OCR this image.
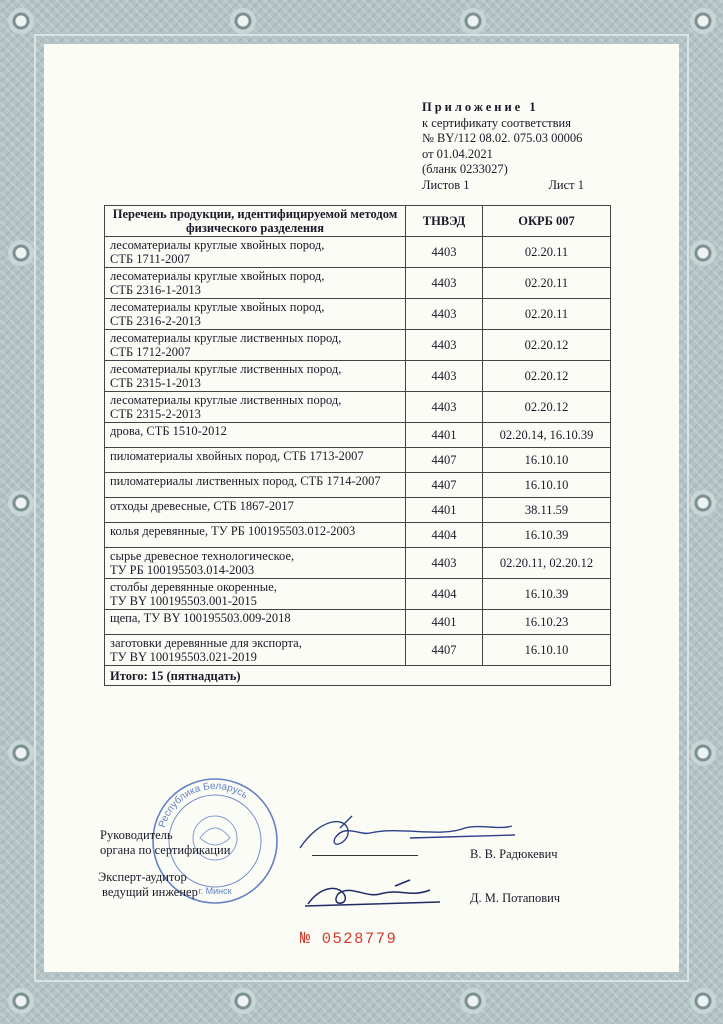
Приложение 1
к сертификату соответствия
№ BY/112 08.02. 075.03 00006
от 01.04.2021
(бланк 0233027)
Листов 1	Лист 1
Перечень продукции, идентифицируемой методом физического разделения	ТНВЭД	ОКРБ 007

лесоматериалы круглые хвойных пород,
СТБ 1711-2007	4403	02.20.11

лесоматериалы круглые хвойных пород,
СТБ 2316-1-2013	4403	02.20.11

лесоматериалы круглые хвойных пород,
СТБ 2316-2-2013	4403	02.20.11

лесоматериалы круглые лиственных пород,
СТБ 1712-2007	4403	02.20.12

лесоматериалы круглые лиственных пород,
СТБ 2315-1-2013	4403	02.20.12

лесоматериалы круглые лиственных пород,
СТБ 2315-2-2013	4403	02.20.12

дрова, СТБ 1510-2012	4401	02.20.14, 16.10.39

пиломатериалы хвойных пород, СТБ 1713-2007	4407	16.10.10

пиломатериалы лиственных пород, СТБ 1714-2007	4407	16.10.10

отходы древесные, СТБ 1867-2017	4401	38.11.59

колья деревянные, ТУ РБ 100195503.012-2003	4404	16.10.39

сырье древесное технологическое,
ТУ РБ 100195503.014-2003	4403	02.20.11, 02.20.12

столбы деревянные окоренные,
ТУ BY 100195503.001-2015	4404	16.10.39

щепа, ТУ BY 100195503.009-2018	4401	16.10.23

заготовки деревянные для экспорта,
ТУ BY 100195503.021-2019	4407	16.10.10
Итого: 15 (пятнадцать)		
Республика Беларусь
г. Минск
Руководитель
органа по сертификации	В. В. Радюкевич
Эксперт-аудитор
ведущий инженер	Д. М. Потапович
№ 0528779
